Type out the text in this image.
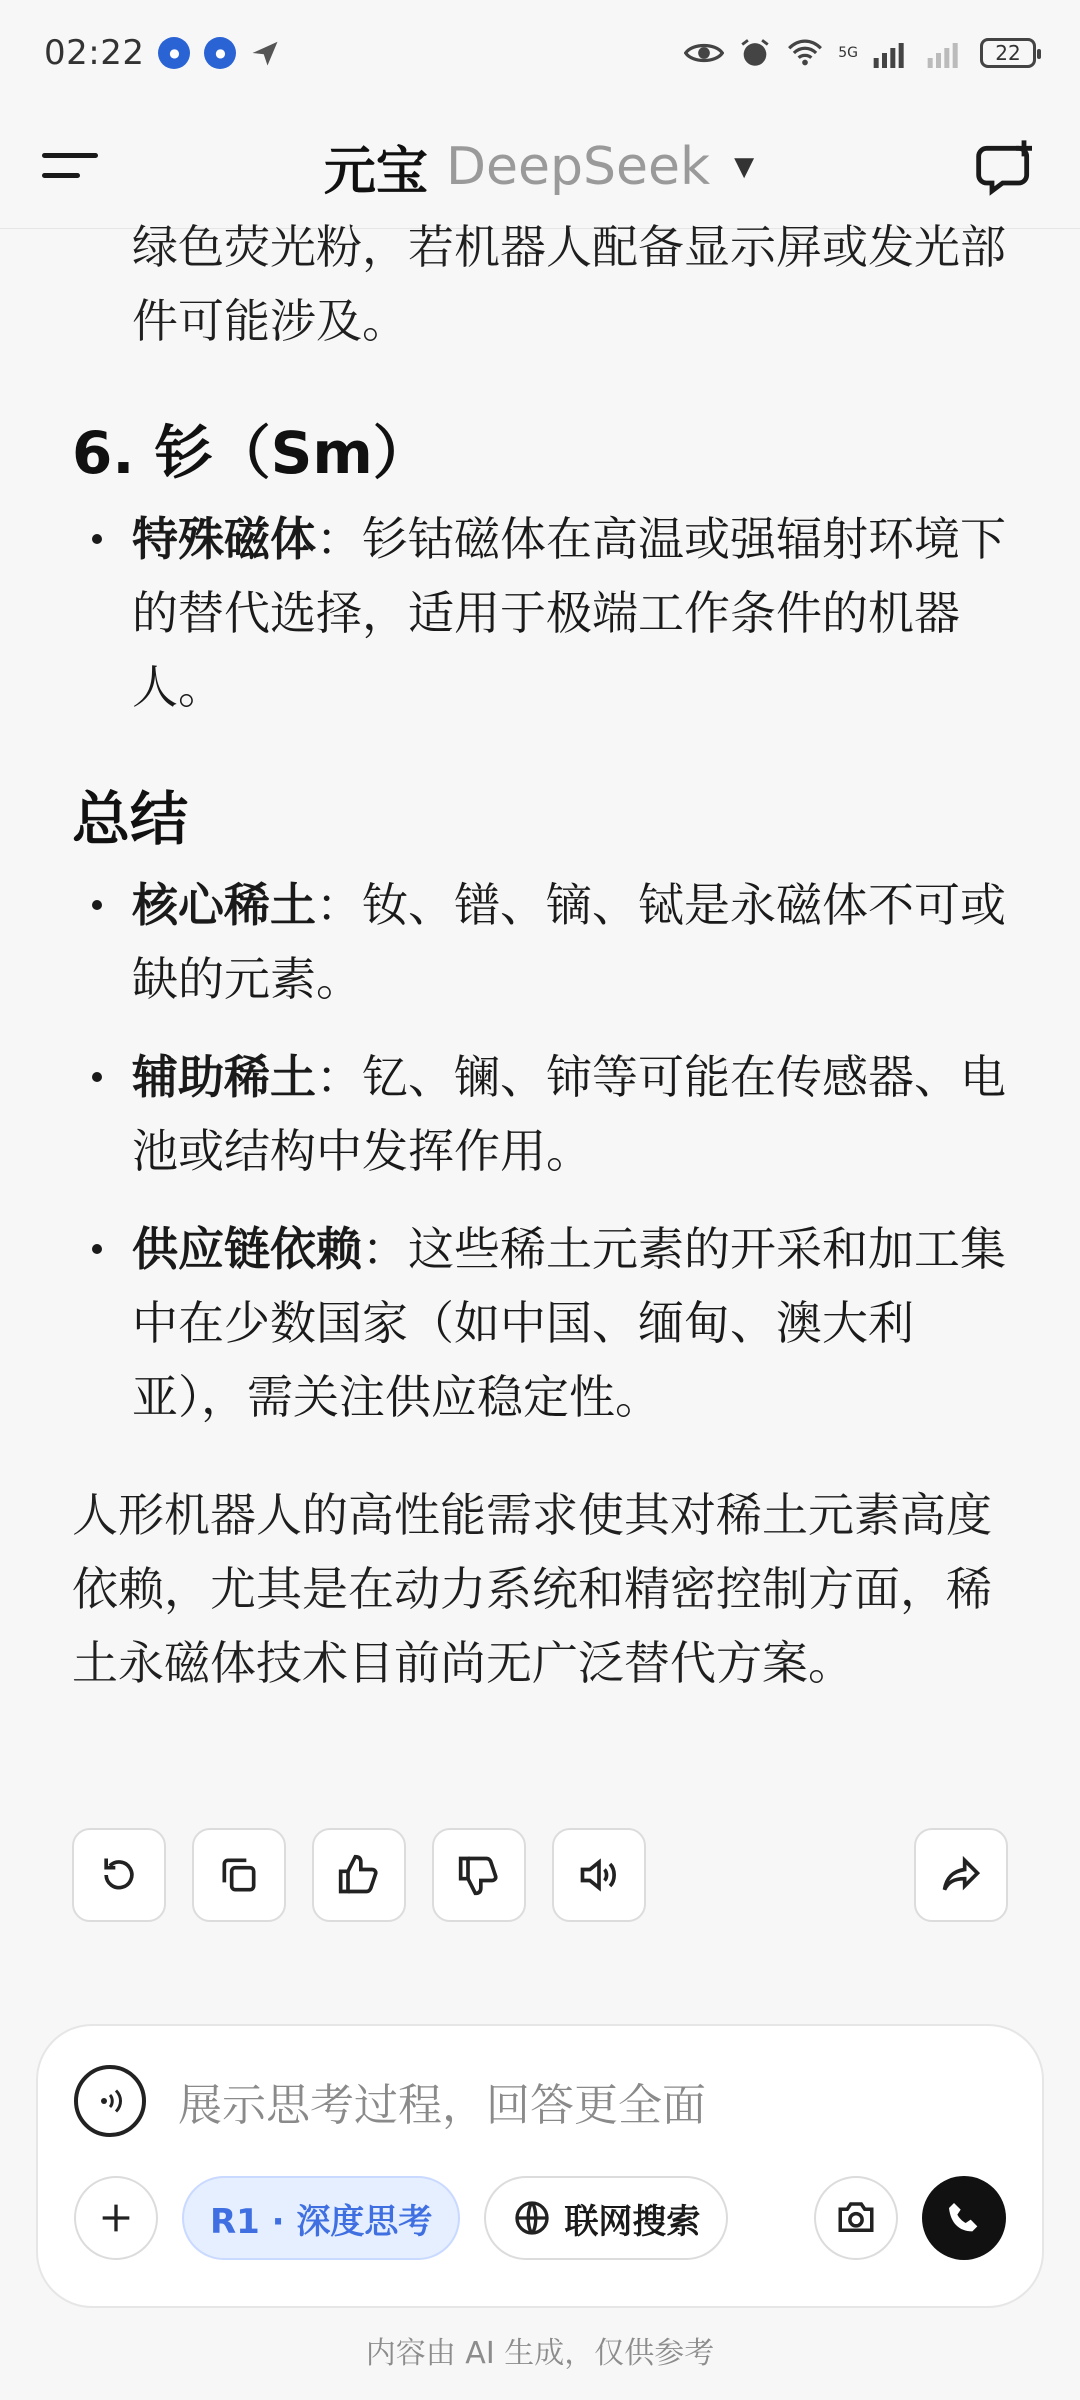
02:22	●	●	5G	22
元宝 DeepSeek ▼
绿色荧光粉，若机器人配备显示屏或发光部件可能涉及。
6. 钐（Sm）
特殊磁体：钐钴磁体在高温或强辐射环境下的替代选择，适用于极端工作条件的机器人。
总结
核心稀土：钕、镨、镝、铽是永磁体不可或缺的元素。
辅助稀土：钇、镧、铈等可能在传感器、电池或结构中发挥作用。
供应链依赖：这些稀土元素的开采和加工集中在少数国家（如中国、缅甸、澳大利亚），需关注供应稳定性。
人形机器人的高性能需求使其对稀土元素高度依赖，尤其是在动力系统和精密控制方面，稀土永磁体技术目前尚无广泛替代方案。
展示思考过程，回答更全面
R1 · 深度思考	联网搜索
内容由 AI 生成，仅供参考
